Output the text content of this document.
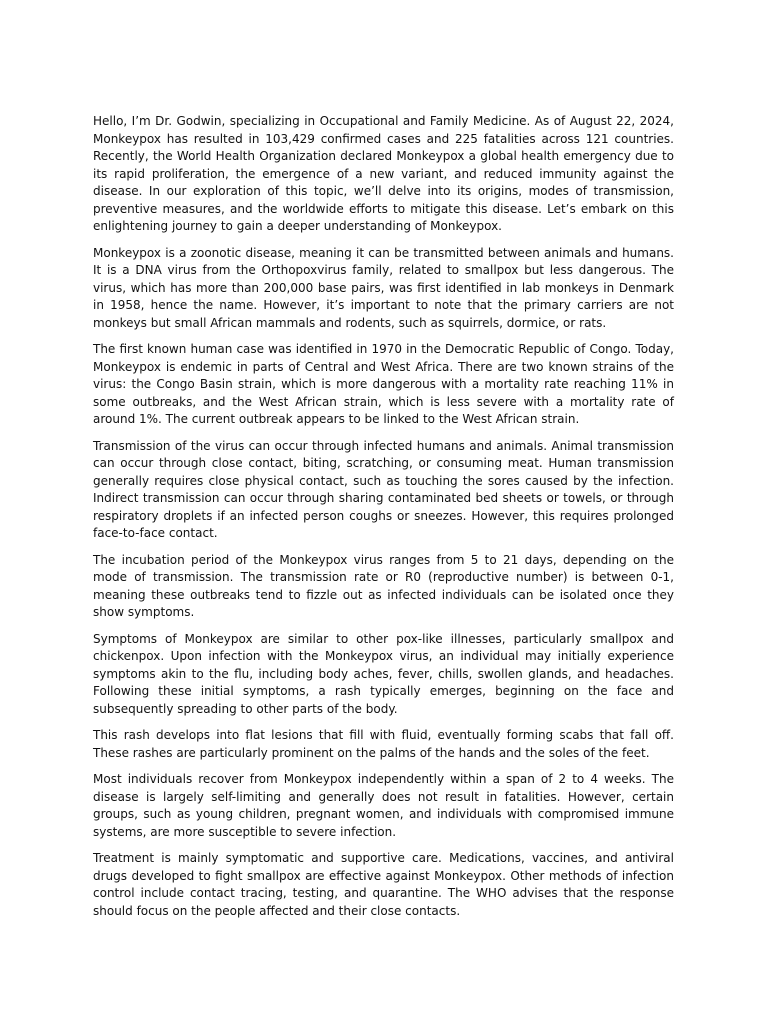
Hello, I’m Dr. Godwin, specializing in Occupational and Family Medicine. As of August 22, 2024, Monkeypox has resulted in 103,429 confirmed cases and 225 fatalities across 121 countries. Recently, the World Health Organization declared Monkeypox a global health emergency due to its rapid proliferation, the emergence of a new variant, and reduced immunity against the disease. In our exploration of this topic, we’ll delve into its origins, modes of transmission, preventive measures, and the worldwide efforts to mitigate this disease. Let’s embark on this enlightening journey to gain a deeper understanding of Monkeypox.

Monkeypox is a zoonotic disease, meaning it can be transmitted between animals and humans. It is a DNA virus from the Orthopoxvirus family, related to smallpox but less dangerous. The virus, which has more than 200,000 base pairs, was first identified in lab monkeys in Denmark in 1958, hence the name. However, it’s important to note that the primary carriers are not monkeys but small African mammals and rodents, such as squirrels, dormice, or rats.

The first known human case was identified in 1970 in the Democratic Republic of Congo. Today, Monkeypox is endemic in parts of Central and West Africa. There are two known strains of the virus: the Congo Basin strain, which is more dangerous with a mortality rate reaching 11% in some outbreaks, and the West African strain, which is less severe with a mortality rate of around 1%. The current outbreak appears to be linked to the West African strain.

Transmission of the virus can occur through infected humans and animals. Animal transmission can occur through close contact, biting, scratching, or consuming meat. Human transmission generally requires close physical contact, such as touching the sores caused by the infection. Indirect transmission can occur through sharing contaminated bed sheets or towels, or through respiratory droplets if an infected person coughs or sneezes. However, this requires prolonged face-to-face contact.

The incubation period of the Monkeypox virus ranges from 5 to 21 days, depending on the mode of transmission. The transmission rate or R0 (reproductive number) is between 0-1, meaning these outbreaks tend to fizzle out as infected individuals can be isolated once they show symptoms.

Symptoms of Monkeypox are similar to other pox-like illnesses, particularly smallpox and chickenpox. Upon infection with the Monkeypox virus, an individual may initially experience symptoms akin to the flu, including body aches, fever, chills, swollen glands, and headaches. Following these initial symptoms, a rash typically emerges, beginning on the face and subsequently spreading to other parts of the body.

This rash develops into flat lesions that fill with fluid, eventually forming scabs that fall off. These rashes are particularly prominent on the palms of the hands and the soles of the feet.

Most individuals recover from Monkeypox independently within a span of 2 to 4 weeks. The disease is largely self-limiting and generally does not result in fatalities. However, certain groups, such as young children, pregnant women, and individuals with compromised immune systems, are more susceptible to severe infection.

Treatment is mainly symptomatic and supportive care. Medications, vaccines, and antiviral drugs developed to fight smallpox are effective against Monkeypox. Other methods of infection control include contact tracing, testing, and quarantine. The WHO advises that the response should focus on the people affected and their close contacts.
